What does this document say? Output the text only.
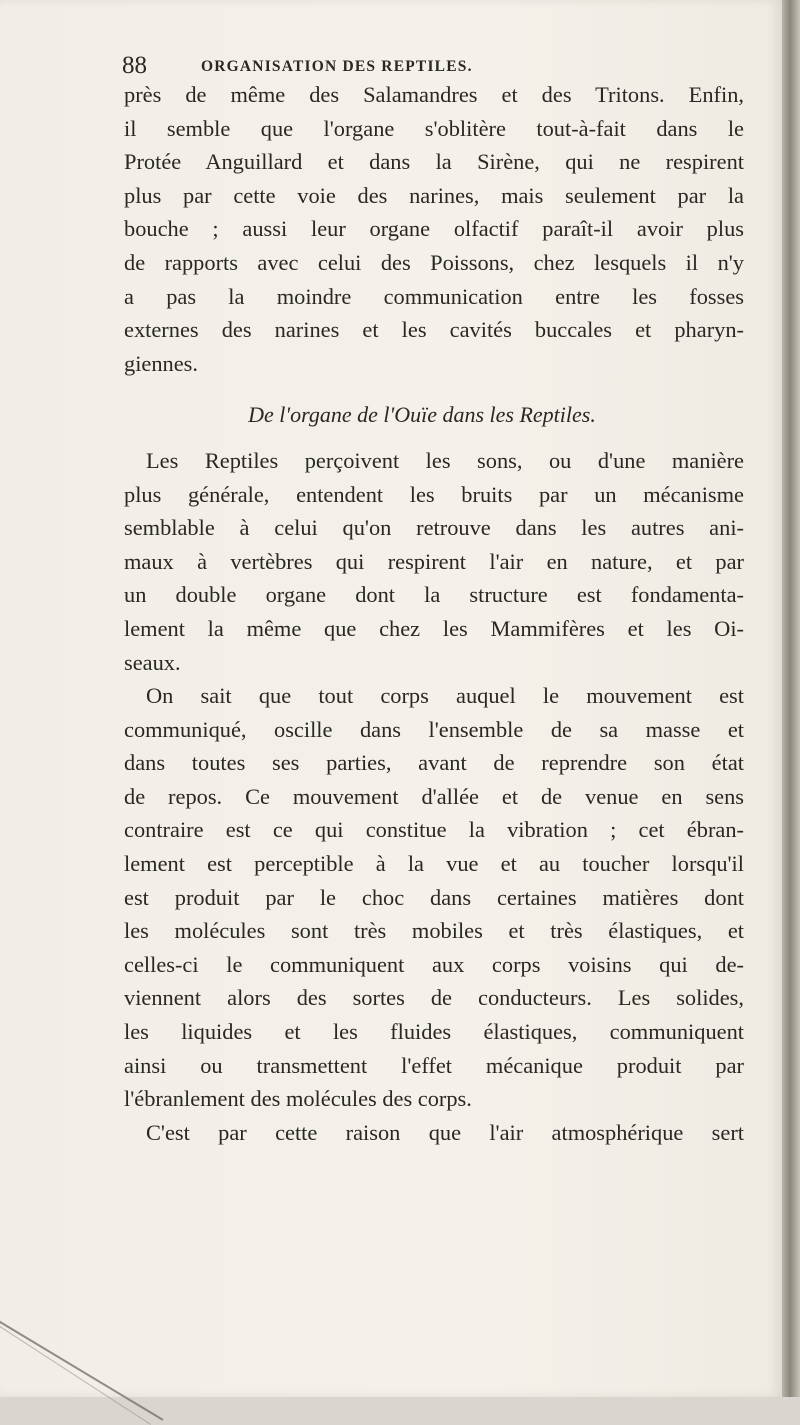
88	ORGANISATION DES REPTILES.
près de même des Salamandres et des Tritons. Enfin,
il semble que l'organe s'oblitère tout-à-fait dans le
Protée Anguillard et dans la Sirène, qui ne respirent
plus par cette voie des narines, mais seulement par la
bouche ; aussi leur organe olfactif paraît-il avoir plus
de rapports avec celui des Poissons, chez lesquels il n'y
a pas la moindre communication entre les fosses
externes des narines et les cavités buccales et pharyn-
giennes.
De l'organe de l'Ouïe dans les Reptiles.
Les Reptiles perçoivent les sons, ou d'une manière
plus générale, entendent les bruits par un mécanisme
semblable à celui qu'on retrouve dans les autres ani-
maux à vertèbres qui respirent l'air en nature, et par
un double organe dont la structure est fondamenta-
lement la même que chez les Mammifères et les Oi-
seaux.
On sait que tout corps auquel le mouvement est
communiqué, oscille dans l'ensemble de sa masse et
dans toutes ses parties, avant de reprendre son état
de repos. Ce mouvement d'allée et de venue en sens
contraire est ce qui constitue la vibration ; cet ébran-
lement est perceptible à la vue et au toucher lorsqu'il
est produit par le choc dans certaines matières dont
les molécules sont très mobiles et très élastiques, et
celles-ci le communiquent aux corps voisins qui de-
viennent alors des sortes de conducteurs. Les solides,
les liquides et les fluides élastiques, communiquent
ainsi ou transmettent l'effet mécanique produit par
l'ébranlement des molécules des corps.
C'est par cette raison que l'air atmosphérique sert
